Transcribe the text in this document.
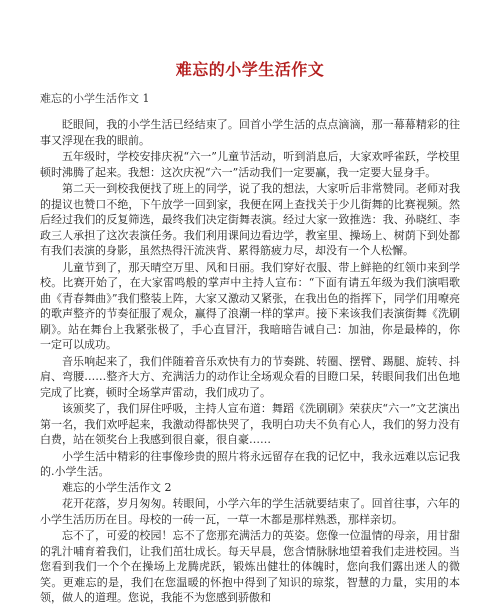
难忘的小学生活作文
难忘的小学生活作文 1

眨眼间，我的小学生活已经结束了。回首小学生活的点点滴滴，那一幕幕精彩的往事又浮现在我的眼前。

五年级时，学校安排庆祝“六一”儿童节活动，听到消息后，大家欢呼雀跃，学校里顿时沸腾了起来。我想：这次庆祝“六一”活动我们一定要赢，我一定要大显身手。

第二天一到校我便找了班上的同学，说了我的想法，大家听后非常赞同。老师对我的提议也赞口不绝，下午放学一回到家，我便在网上查找关于少儿街舞的比赛视频。然后经过我们的反复筛选，最终我们决定街舞表演。经过大家一致推选：我、孙晓红、李政三人承担了这次表演任务。我们利用课间边看边学，教室里、操场上、树荫下到处都有我们表演的身影，虽然热得汗流浃背、累得筋疲力尽，却没有一个人松懈。

儿童节到了，那天晴空万里、风和日丽。我们穿好衣服、带上鲜艳的红领巾来到学校。比赛开始了，在大家雷鸣般的掌声中主持人宣布：“下面有请五年级为我们演唱歌曲《青春舞曲》”我们整装上阵，大家又激动又紧张，在我出色的指挥下，同学们用嘹亮的歌声整齐的节奏征服了观众，赢得了浪潮一样的掌声。接下来该我们表演街舞《洗刷刷》。站在舞台上我紧张极了，手心直冒汗，我暗暗告诫自己：加油，你是最棒的，你一定可以成功。

音乐响起来了，我们伴随着音乐欢快有力的节奏跳、转圈、摆臂、踢腿、旋转、抖肩、弯腰……整齐大方、充满活力的动作让全场观众看的目瞪口呆，转眼间我们出色地完成了比赛，顿时全场掌声雷动，我们成功了。

该颁奖了，我们屏住呼吸，主持人宣布道：舞蹈《洗刷刷》荣获庆“六一”文艺演出第一名，我们欢呼起来，我激动得都快哭了，我明白功夫不负有心人，我们的努力没有白费，站在领奖台上我感到很自豪，很自豪……

小学生活中精彩的往事像珍贵的照片将永远留存在我的记忆中，我永远难以忘记我的.小学生活。

难忘的小学生活作文 2

花开花落，岁月匆匆。转眼间，小学六年的学生活就要结束了。回首往事，六年的小学生活历历在目。母校的一砖一瓦，一草一木都是那样熟悉，那样亲切。

忘不了，可爱的校园！忘不了您那充满活力的英姿。您像一位温情的母亲，用甘甜的乳汁哺育着我们，让我们茁壮成长。每天早晨，您含情脉脉地望着我们走进校园。当您看到我们一个个在操场上龙腾虎跃，锻炼出健壮的体魄时，您向我们露出迷人的微笑。更难忘的是，我们在您温暖的怀抱中得到了知识的琼浆，智慧的力量，实用的本领，做人的道理。您说，我能不为您感到骄傲和
